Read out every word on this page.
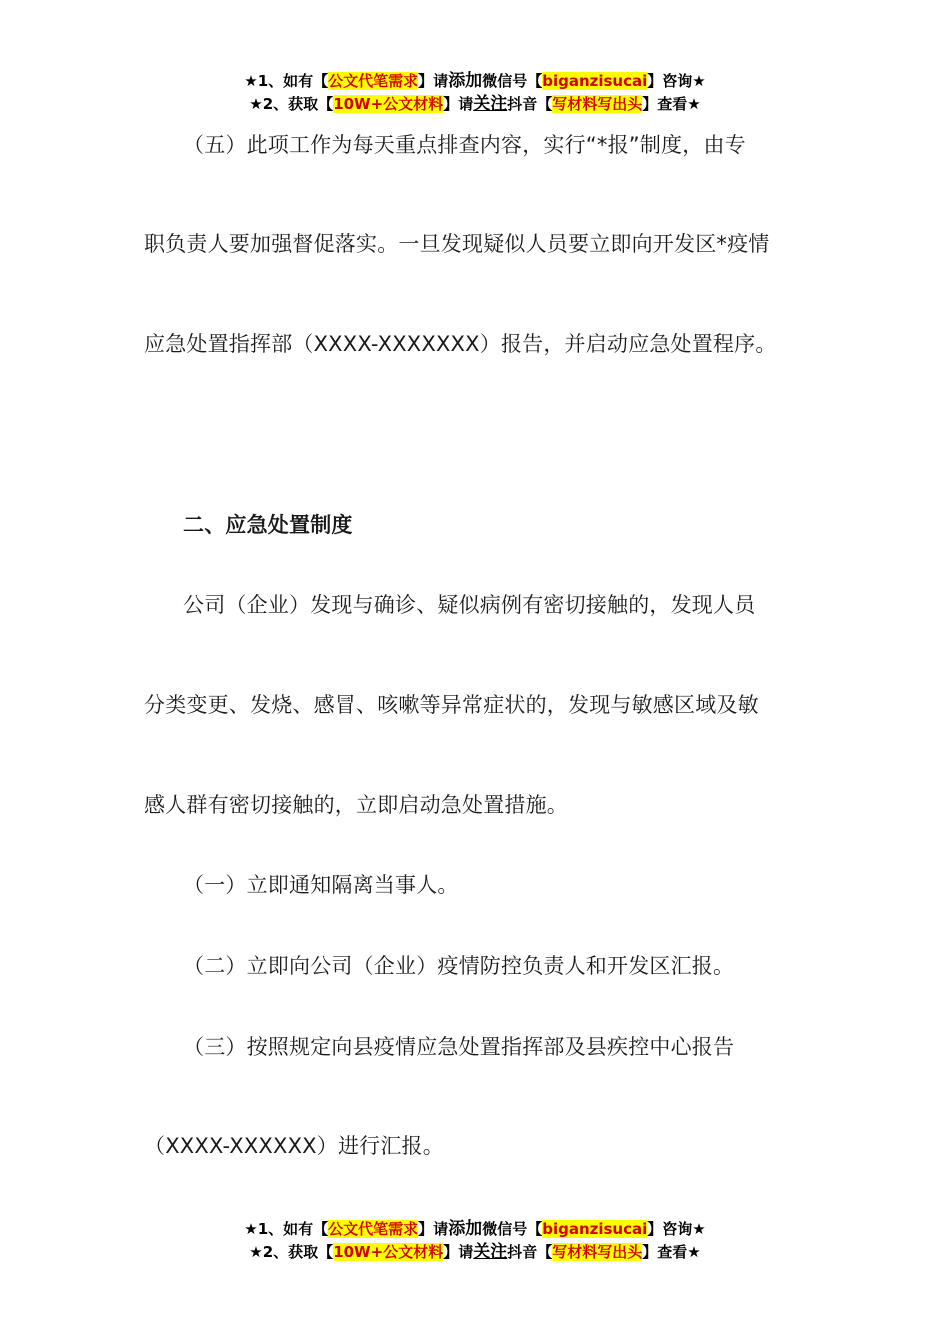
★1、如有【公文代笔需求】请添加微信号【biganzisucai】咨询★
★2、获取【10W+公文材料】请关注抖音【写材料写出头】查看★
（五）此项工作为每天重点排查内容，实行“*报”制度，由专
职负责人要加强督促落实。一旦发现疑似人员要立即向开发区*疫情
应急处置指挥部（XXXX-XXXXXXX）报告，并启动应急处置程序。
二、应急处置制度
公司（企业）发现与确诊、疑似病例有密切接触的，发现人员
分类变更、发烧、感冒、咳嗽等异常症状的，发现与敏感区域及敏
感人群有密切接触的，立即启动急处置措施。
（一）立即通知隔离当事人。
（二）立即向公司（企业）疫情防控负责人和开发区汇报。
（三）按照规定向县疫情应急处置指挥部及县疾控中心报告
（XXXX-XXXXXX）进行汇报。
★1、如有【公文代笔需求】请添加微信号【biganzisucai】咨询★
★2、获取【10W+公文材料】请关注抖音【写材料写出头】查看★
